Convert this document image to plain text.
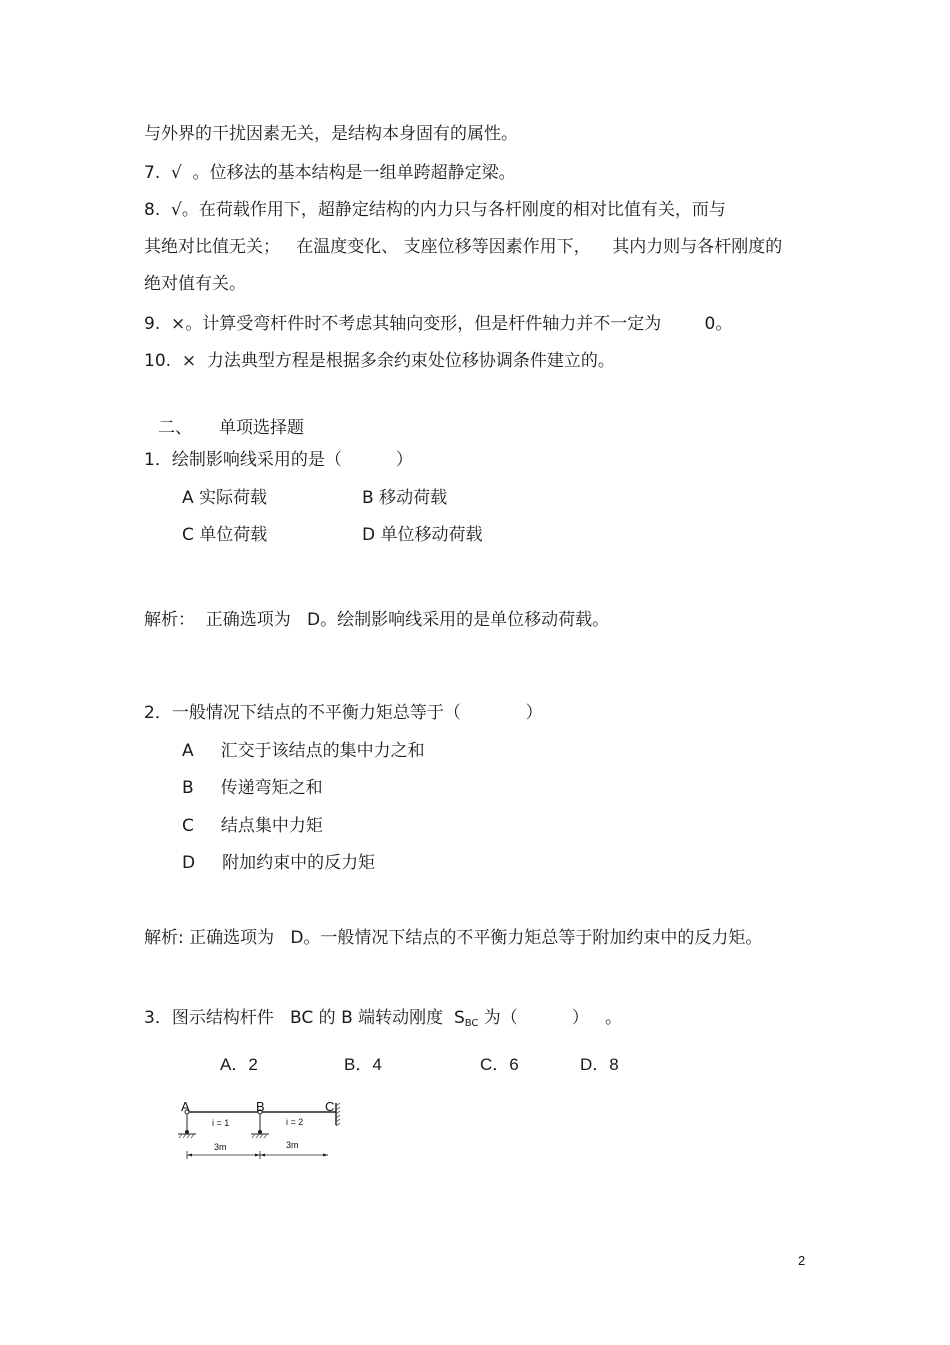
与外界的干扰因素无关，是结构本身固有的属性。
7.  √  。位移法的基本结构是一组单跨超静定梁。
8.  √。在荷载作用下，超静定结构的内力只与各杆刚度的相对比值有关，而与
其绝对比值无关；   在温度变化、 支座位移等因素作用下，    其内力则与各杆刚度的
绝对值有关。
9.  ×。计算受弯杆件时不考虑其轴向变形，但是杆件轴力并不一定为        0。
10.  ×  力法典型方程是根据多余约束处位移协调条件建立的。
二、     单项选择题
1．绘制影响线采用的是（          ）
A 实际荷载	B 移动荷载
C 单位荷载	D 单位移动荷载
解析：  正确选项为   D。绘制影响线采用的是单位移动荷载。
2．一般情况下结点的不平衡力矩总等于（            ）
A     汇交于该结点的集中力之和
B     传递弯矩之和
C     结点集中力矩
D     附加约束中的反力矩
解析: 正确选项为   D。一般情况下结点的不平衡力矩总等于附加约束中的反力矩。
3．图示结构杆件   BC 的 B 端转动刚度  $S_{BC}$ 为（          ）   。
A．2	B．4	C．6	D．8
A	B	C
i = 1	i = 2
3m	3m
2
